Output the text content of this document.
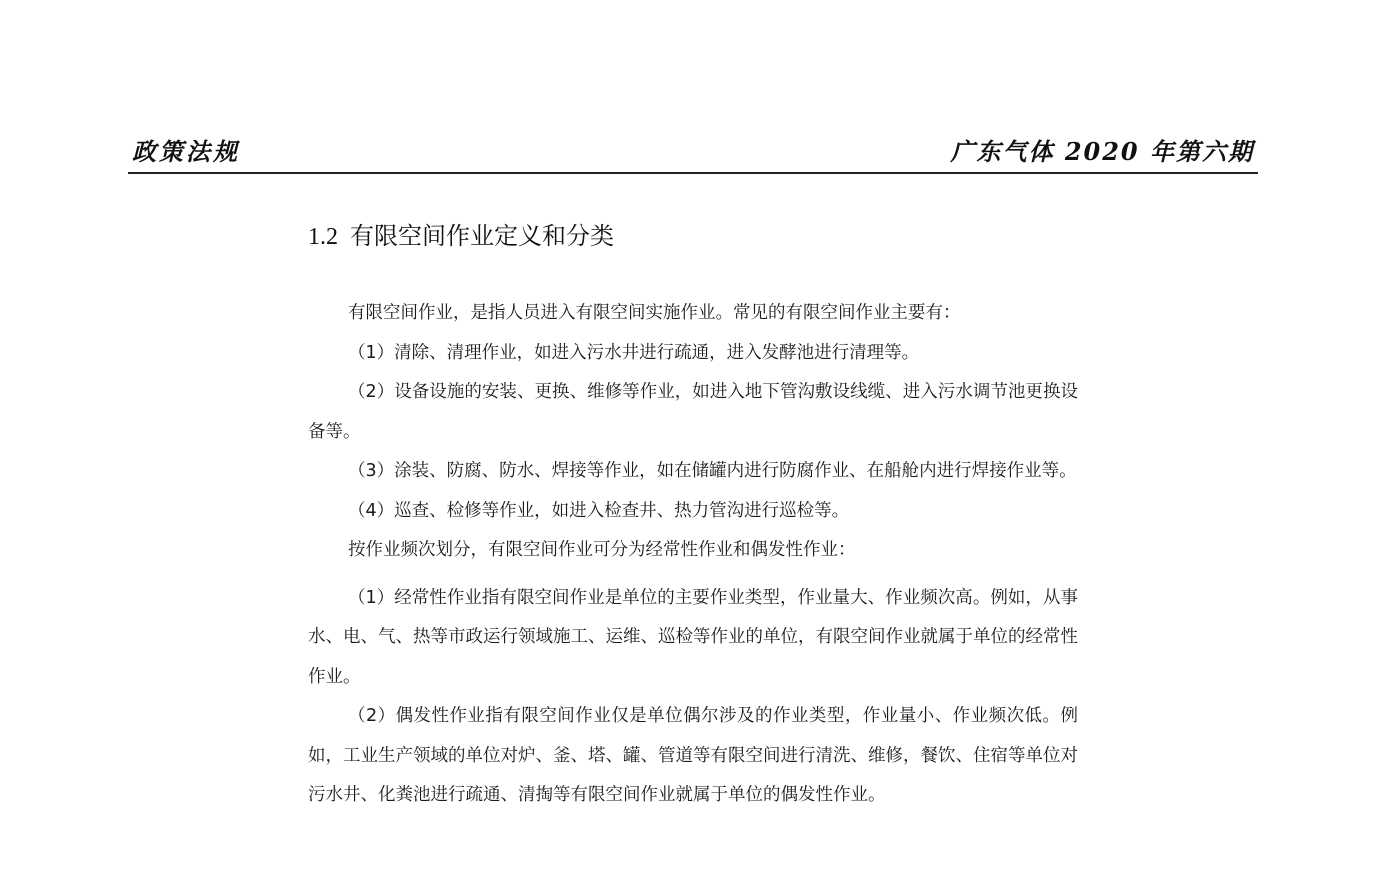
政策法规	广东气体 2020 年第六期
1.2 有限空间作业定义和分类

有限空间作业，是指人员进入有限空间实施作业。常见的有限空间作业主要有：

（1）清除、清理作业，如进入污水井进行疏通，进入发酵池进行清理等。

（2）设备设施的安装、更换、维修等作业，如进入地下管沟敷设线缆、进入污水调节池更换设备等。

（3）涂装、防腐、防水、焊接等作业，如在储罐内进行防腐作业、在船舱内进行焊接作业等。

（4）巡查、检修等作业，如进入检查井、热力管沟进行巡检等。

按作业频次划分，有限空间作业可分为经常性作业和偶发性作业：

（1）经常性作业指有限空间作业是单位的主要作业类型，作业量大、作业频次高。例如，从事水、电、气、热等市政运行领域施工、运维、巡检等作业的单位，有限空间作业就属于单位的经常性作业。

（2）偶发性作业指有限空间作业仅是单位偶尔涉及的作业类型，作业量小、作业频次低。例如，工业生产领域的单位对炉、釜、塔、罐、管道等有限空间进行清洗、维修，餐饮、住宿等单位对污水井、化粪池进行疏通、清掏等有限空间作业就属于单位的偶发性作业。
